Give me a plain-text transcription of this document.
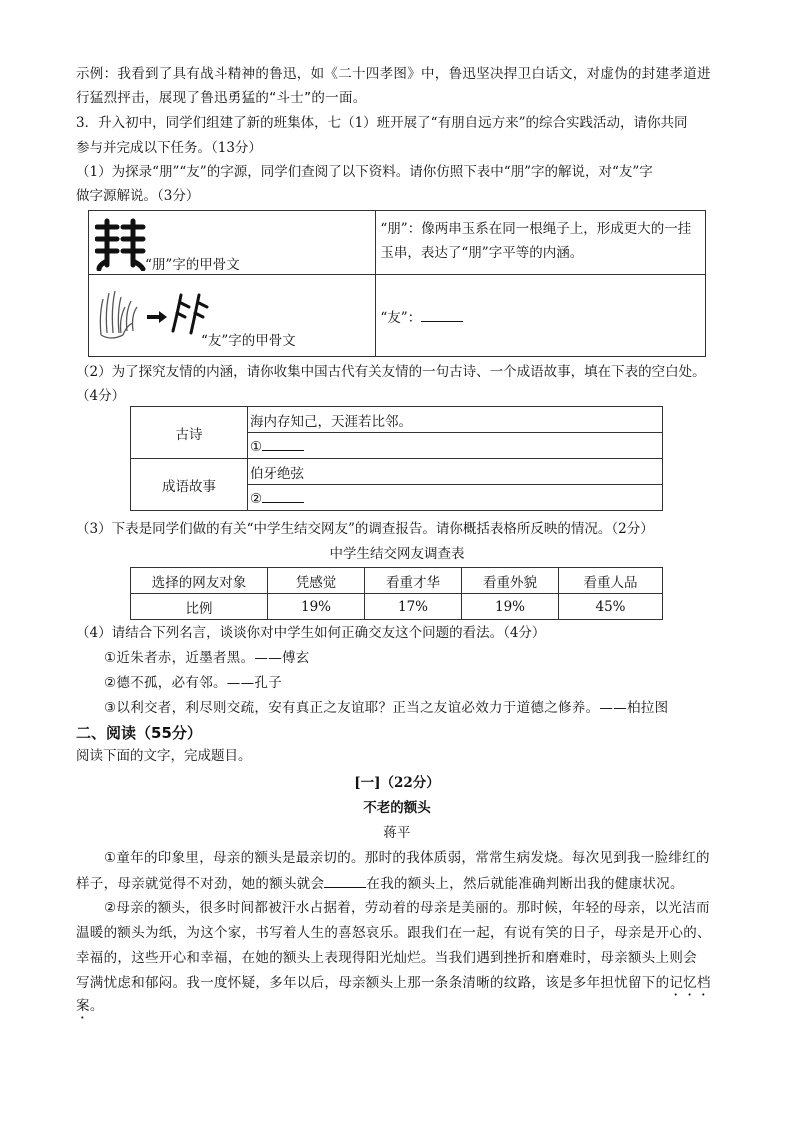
示例：我看到了具有战斗精神的鲁迅，如《二十四孝图》中，鲁迅坚决捍卫白话文，对虚伪的封建孝道进
行猛烈抨击，展现了鲁迅勇猛的“斗士”的一面。
3．升入初中，同学们组建了新的班集体，七（1）班开展了“有朋自远方来”的综合实践活动，请你共同
参与并完成以下任务。（13分）
（1）为探录“朋”“友”的字源，同学们查阅了以下资料。请你仿照下表中“朋”字的解说，对“友”字
做字源解说。（3分）
“朋”字的甲骨文	“朋”：像两串玉系在同一根绳子上，形成更大的一挂
玉串，表达了“朋”字平等的内涵。

“友”字的甲骨文	“友”：
（2）为了探究友情的内涵，请你收集中国古代有关友情的一句古诗、一个成语故事，填在下表的空白处。
（4分）
古诗	海内存知己，天涯若比邻。
	①
成语故事	伯牙绝弦
	②
（3）下表是同学们做的有关“中学生结交网友”的调查报告。请你概括表格所反映的情况。（2分）
中学生结交网友调查表
选择的网友对象	凭感觉	看重才华	看重外貌	看重人品
比例	19%	17%	19%	45%
（4）请结合下列名言，谈谈你对中学生如何正确交友这个问题的看法。（4分）
①近朱者赤，近墨者黑。——傅玄
②德不孤，必有邻。——孔子
③以利交者，利尽则交疏，安有真正之友谊耶？正当之友谊必效力于道德之修养。——柏拉图
二、阅读（55分）
阅读下面的文字，完成题目。
[一]（22分）
不老的额头
蒋平
①童年的印象里，母亲的额头是最亲切的。那时的我体质弱，常常生病发烧。每次见到我一脸绯红的
样子，母亲就觉得不对劲，她的额头就会	在我的额头上，然后就能准确判断出我的健康状况。
②母亲的额头，很多时间都被汗水占据着，劳动着的母亲是美丽的。那时候，年轻的母亲，以光洁而
温暖的额头为纸，为这个家，书写着人生的喜怒哀乐。跟我们在一起，有说有笑的日子，母亲是开心的、
幸福的，这些开心和幸福，在她的额头上表现得阳光灿烂。当我们遇到挫折和磨难时，母亲额头上则会
写满忧虑和郁闷。我一度怀疑，多年以后，母亲额头上那一条条清晰的纹路，该是多年担忧留下的记忆档
案。
